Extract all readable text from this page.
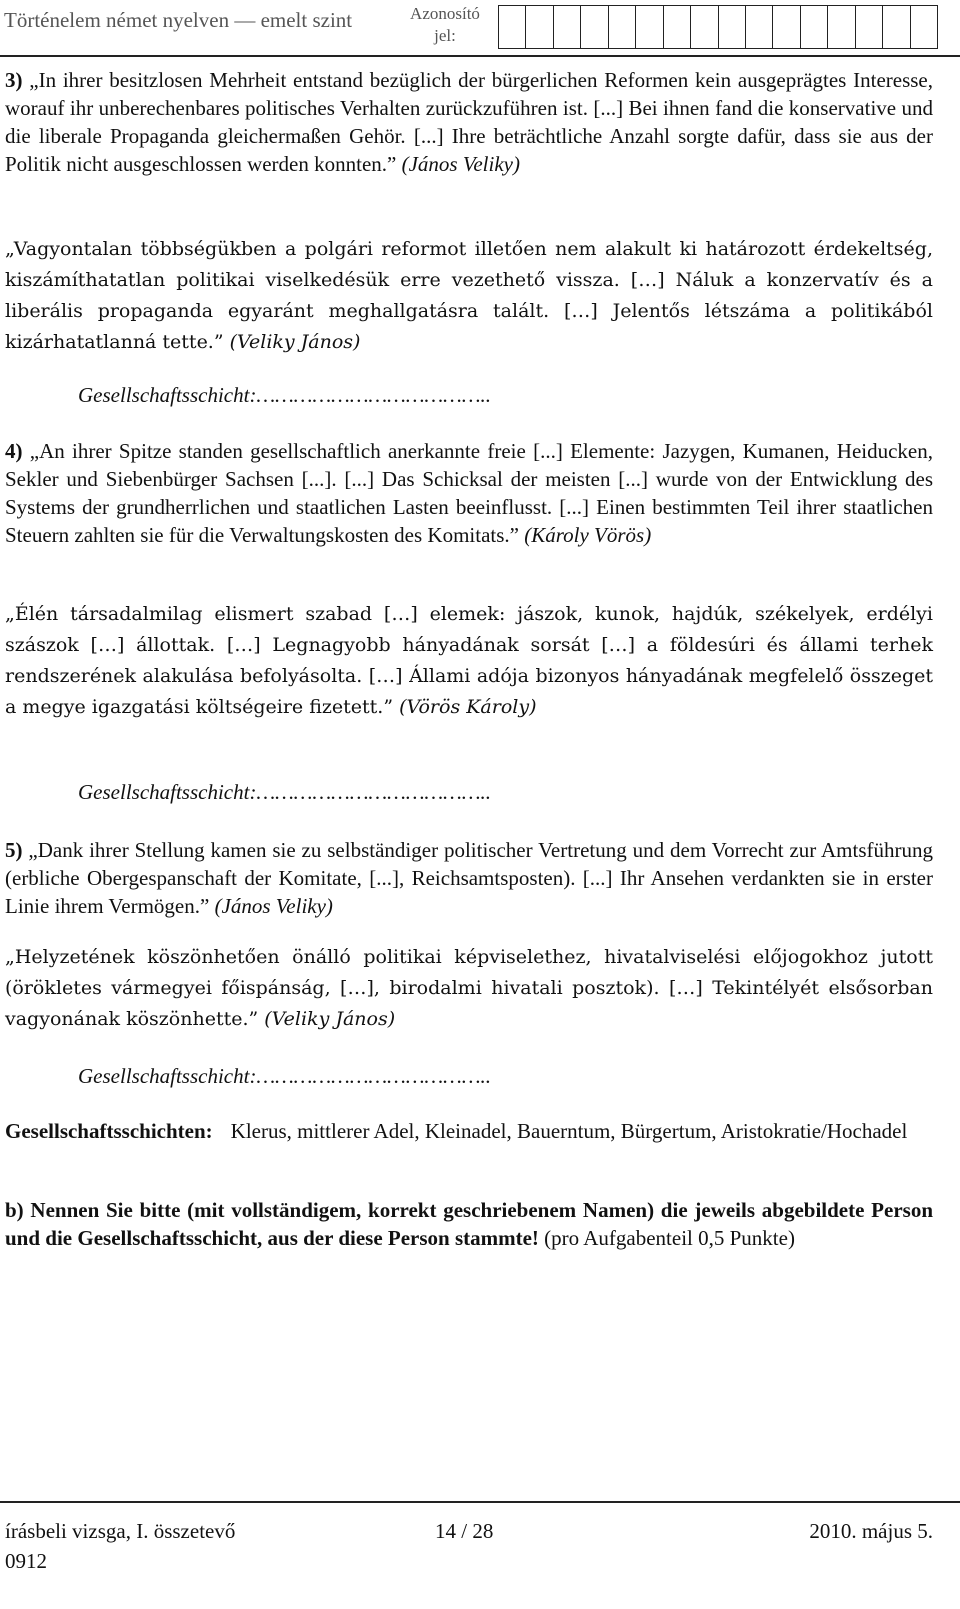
Történelem német nyelven — emelt szint	Azonosító jel:

3) „In ihrer besitzlosen Mehrheit entstand bezüglich der bürgerlichen Reformen kein ausgeprägtes Interesse, worauf ihr unberechenbares politisches Verhalten zurückzuführen ist. [...] Bei ihnen fand die konservative und die liberale Propaganda gleichermaßen Gehör. [...] Ihre beträchtliche Anzahl sorgte dafür, dass sie aus der Politik nicht ausgeschlossen werden konnten.” (János Veliky)

„Vagyontalan többségükben a polgári reformot illetően nem alakult ki határozott érdekeltség, kiszámíthatatlan politikai viselkedésük erre vezethető vissza. […] Náluk a konzervatív és a liberális propaganda egyaránt meghallgatásra talált. […] Jelentős létszáma a politikából kizárhatatlanná tette.” (Veliky János)

Gesellschaftsschicht:………………………………..

4) „An ihrer Spitze standen gesellschaftlich anerkannte freie [...] Elemente: Jazygen, Kumanen, Heiducken, Sekler und Siebenbürger Sachsen [...]. [...] Das Schicksal der meisten [...] wurde von der Entwicklung des Systems der grundherrlichen und staatlichen Lasten beeinflusst. [...] Einen bestimmten Teil ihrer staatlichen Steuern zahlten sie für die Verwaltungskosten des Komitats.” (Károly Vörös)

„Élén társadalmilag elismert szabad […] elemek: jászok, kunok, hajdúk, székelyek, erdélyi szászok […] állottak. […] Legnagyobb hányadának sorsát […] a földesúri és állami terhek rendszerének alakulása befolyásolta. […] Állami adója bizonyos hányadának megfelelő összeget a megye igazgatási költségeire fizetett.” (Vörös Károly)

Gesellschaftsschicht:………………………………..

5) „Dank ihrer Stellung kamen sie zu selbständiger politischer Vertretung und dem Vorrecht zur Amtsführung (erbliche Obergespanschaft der Komitate, [...], Reichsamtsposten). [...] Ihr Ansehen verdankten sie in erster Linie ihrem Vermögen.” (János Veliky)

„Helyzetének köszönhetően önálló politikai képviselethez, hivatalviselési előjogokhoz jutott (örökletes vármegyei főispánság, […], birodalmi hivatali posztok). […] Tekintélyét elsősorban vagyonának köszönhette.” (Veliky János)

Gesellschaftsschicht:………………………………..

Gesellschaftsschichten: Klerus, mittlerer Adel, Kleinadel, Bauerntum, Bürgertum, Aristokratie/Hochadel

b) Nennen Sie bitte (mit vollständigem, korrekt geschriebenem Namen) die jeweils abgebildete Person und die Gesellschaftsschicht, aus der diese Person stammte! (pro Aufgabenteil 0,5 Punkte)

írásbeli vizsga, I. összetevő	14 / 28	2010. május 5.
0912
